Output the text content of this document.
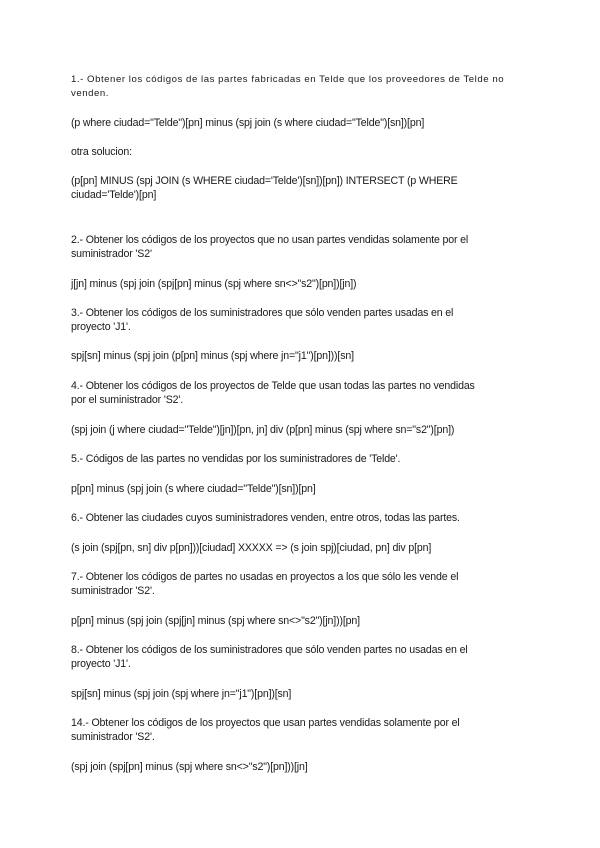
1.- Obtener los códigos de las partes fabricadas en Telde que los proveedores de Telde no
venden.
(p where ciudad="Telde")[pn] minus (spj join (s where ciudad="Telde")[sn])[pn]
otra solucion:
(p[pn] MINUS (spj JOIN (s WHERE ciudad='Telde')[sn])[pn]) INTERSECT (p WHERE
ciudad='Telde')[pn]
2.- Obtener los códigos de los proyectos que no usan partes vendidas solamente por el
suministrador 'S2'
j[jn] minus (spj join (spj[pn] minus (spj where sn<>"s2")[pn])[jn])
3.- Obtener los códigos de los suministradores que sólo venden partes usadas en el
proyecto 'J1'.
spj[sn] minus (spj join (p[pn] minus (spj where jn="j1")[pn]))[sn]
4.- Obtener los códigos de los proyectos de Telde que usan todas las partes no vendidas
por el suministrador 'S2'.
(spj join (j where ciudad="Telde")[jn])[pn, jn] div (p[pn] minus (spj where sn="s2")[pn])
5.- Códigos de las partes no vendidas por los suministradores de 'Telde'.
p[pn] minus (spj join (s where ciudad="Telde")[sn])[pn]
6.- Obtener las ciudades cuyos suministradores venden, entre otros, todas las partes.
(s join (spj[pn, sn] div p[pn]))[ciudad] XXXXX => (s join spj)[ciudad, pn] div p[pn]
7.- Obtener los códigos de partes no usadas en proyectos a los que sólo les vende el
suministrador 'S2'.
p[pn] minus (spj join (spj[jn] minus (spj where sn<>"s2")[jn]))[pn]
8.- Obtener los códigos de los suministradores que sólo venden partes no usadas en el
proyecto 'J1'.
spj[sn] minus (spj join (spj where jn="j1")[pn])[sn]
14.- Obtener los códigos de los proyectos que usan partes vendidas solamente por el
suministrador 'S2'.
(spj join (spj[pn] minus (spj where sn<>"s2")[pn]))[jn]
